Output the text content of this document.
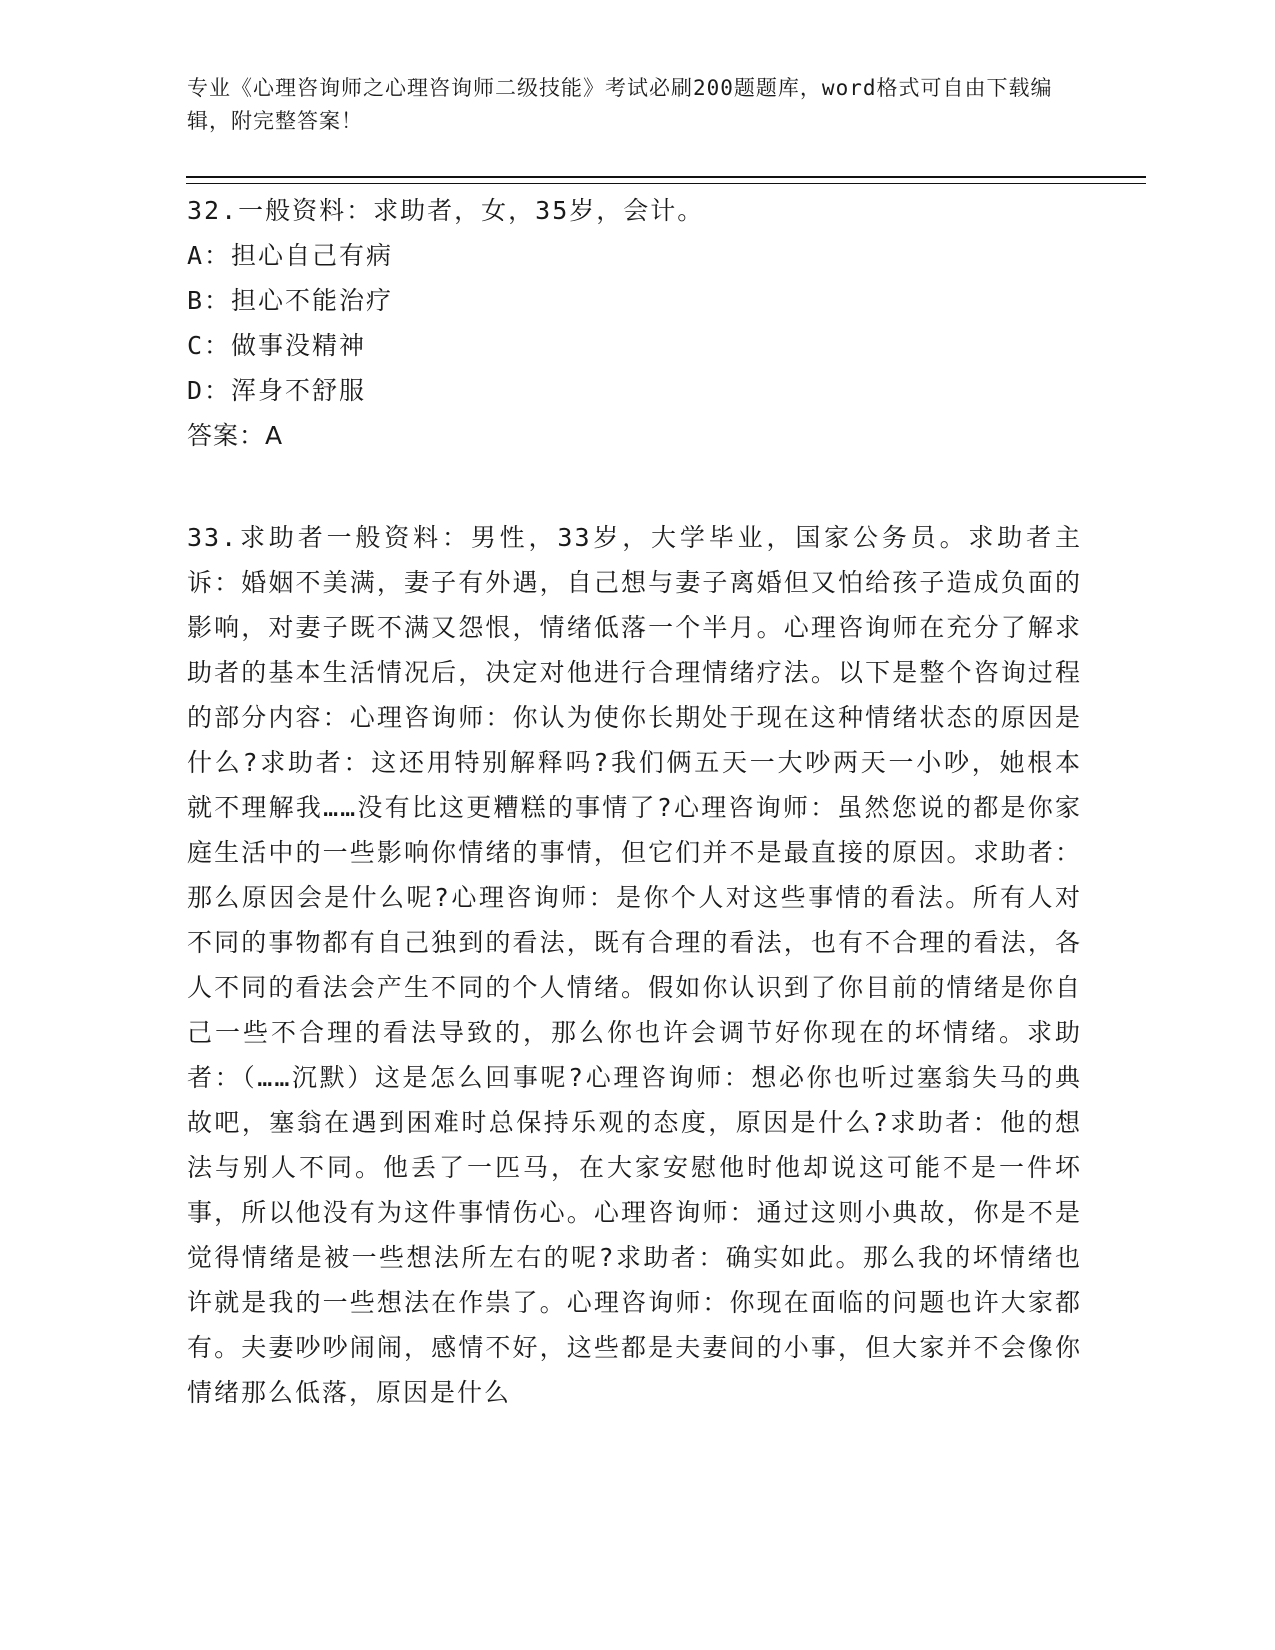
专业《心理咨询师之心理咨询师二级技能》考试必刷200题题库，word格式可自由下载编辑，附完整答案！
32.一般资料：求助者，女，35岁，会计。
A：担心自己有病
B：担心不能治疗
C：做事没精神
D：浑身不舒服
答案：A
33.求助者一般资料：男性，33岁，大学毕业，国家公务员。求助者主诉：婚姻不美满，妻子有外遇，自己想与妻子离婚但又怕给孩子造成负面的影响，对妻子既不满又怨恨，情绪低落一个半月。心理咨询师在充分了解求助者的基本生活情况后，决定对他进行合理情绪疗法。以下是整个咨询过程的部分内容：心理咨询师：你认为使你长期处于现在这种情绪状态的原因是什么?求助者：这还用特别解释吗?我们俩五天一大吵两天一小吵，她根本就不理解我……没有比这更糟糕的事情了?心理咨询师：虽然您说的都是你家庭生活中的一些影响你情绪的事情，但它们并不是最直接的原因。求助者：那么原因会是什么呢?心理咨询师：是你个人对这些事情的看法。所有人对不同的事物都有自己独到的看法，既有合理的看法，也有不合理的看法，各人不同的看法会产生不同的个人情绪。假如你认识到了你目前的情绪是你自己一些不合理的看法导致的，那么你也许会调节好你现在的坏情绪。求助者：（……沉默）这是怎么回事呢?心理咨询师：想必你也听过塞翁失马的典故吧，塞翁在遇到困难时总保持乐观的态度，原因是什么?求助者：他的想法与别人不同。他丢了一匹马，在大家安慰他时他却说这可能不是一件坏事，所以他没有为这件事情伤心。心理咨询师：通过这则小典故，你是不是觉得情绪是被一些想法所左右的呢?求助者：确实如此。那么我的坏情绪也许就是我的一些想法在作祟了。心理咨询师：你现在面临的问题也许大家都有。夫妻吵吵闹闹，感情不好，这些都是夫妻间的小事，但大家并不会像你情绪那么低落，原因是什么
